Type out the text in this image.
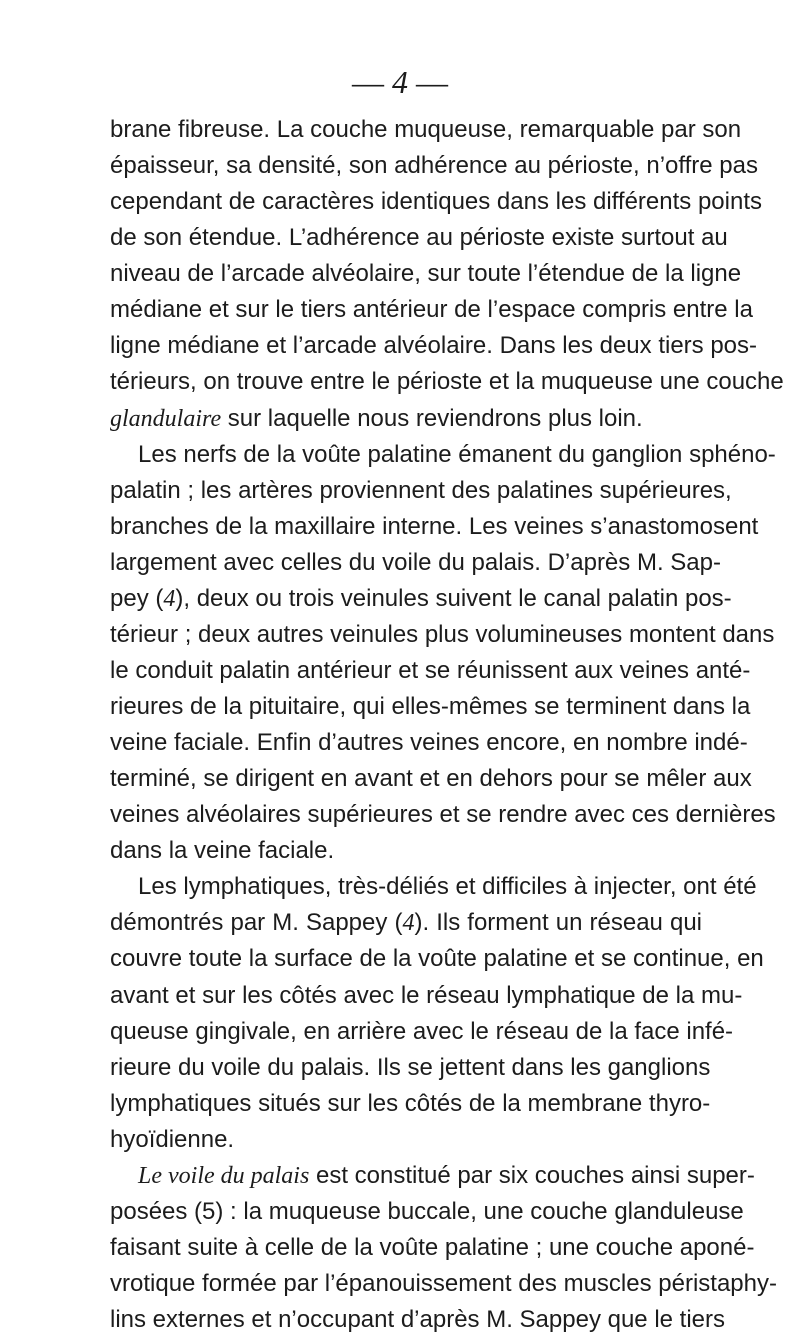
— 4 —
brane fibreuse. La couche muqueuse, remarquable par son
épaisseur, sa densité, son adhérence au périoste, n’offre pas
cependant de caractères identiques dans les différents points
de son étendue. L’adhérence au périoste existe surtout au
niveau de l’arcade alvéolaire, sur toute l’étendue de la ligne
médiane et sur le tiers antérieur de l’espace compris entre la
ligne médiane et l’arcade alvéolaire. Dans les deux tiers pos-
térieurs, on trouve entre le périoste et la muqueuse une couche
glandulaire sur laquelle nous reviendrons plus loin.
Les nerfs de la voûte palatine émanent du ganglion sphéno-
palatin ; les artères proviennent des palatines supérieures,
branches de la maxillaire interne. Les veines s’anastomosent
largement avec celles du voile du palais. D’après M. Sap-
pey (4), deux ou trois veinules suivent le canal palatin pos-
térieur ; deux autres veinules plus volumineuses montent dans
le conduit palatin antérieur et se réunissent aux veines anté-
rieures de la pituitaire, qui elles-mêmes se terminent dans la
veine faciale. Enfin d’autres veines encore, en nombre indé-
terminé, se dirigent en avant et en dehors pour se mêler aux
veines alvéolaires supérieures et se rendre avec ces dernières
dans la veine faciale.
Les lymphatiques, très-déliés et difficiles à injecter, ont été
démontrés par M. Sappey (4). Ils forment un réseau qui
couvre toute la surface de la voûte palatine et se continue, en
avant et sur les côtés avec le réseau lymphatique de la mu-
queuse gingivale, en arrière avec le réseau de la face infé-
rieure du voile du palais. Ils se jettent dans les ganglions
lymphatiques situés sur les côtés de la membrane thyro-
hyoïdienne.
Le voile du palais est constitué par six couches ainsi super-
posées (5) : la muqueuse buccale, une couche glanduleuse
faisant suite à celle de la voûte palatine ; une couche aponé-
vrotique formée par l’épanouissement des muscles péristaphy-
lins externes et n’occupant d’après M. Sappey que le tiers
